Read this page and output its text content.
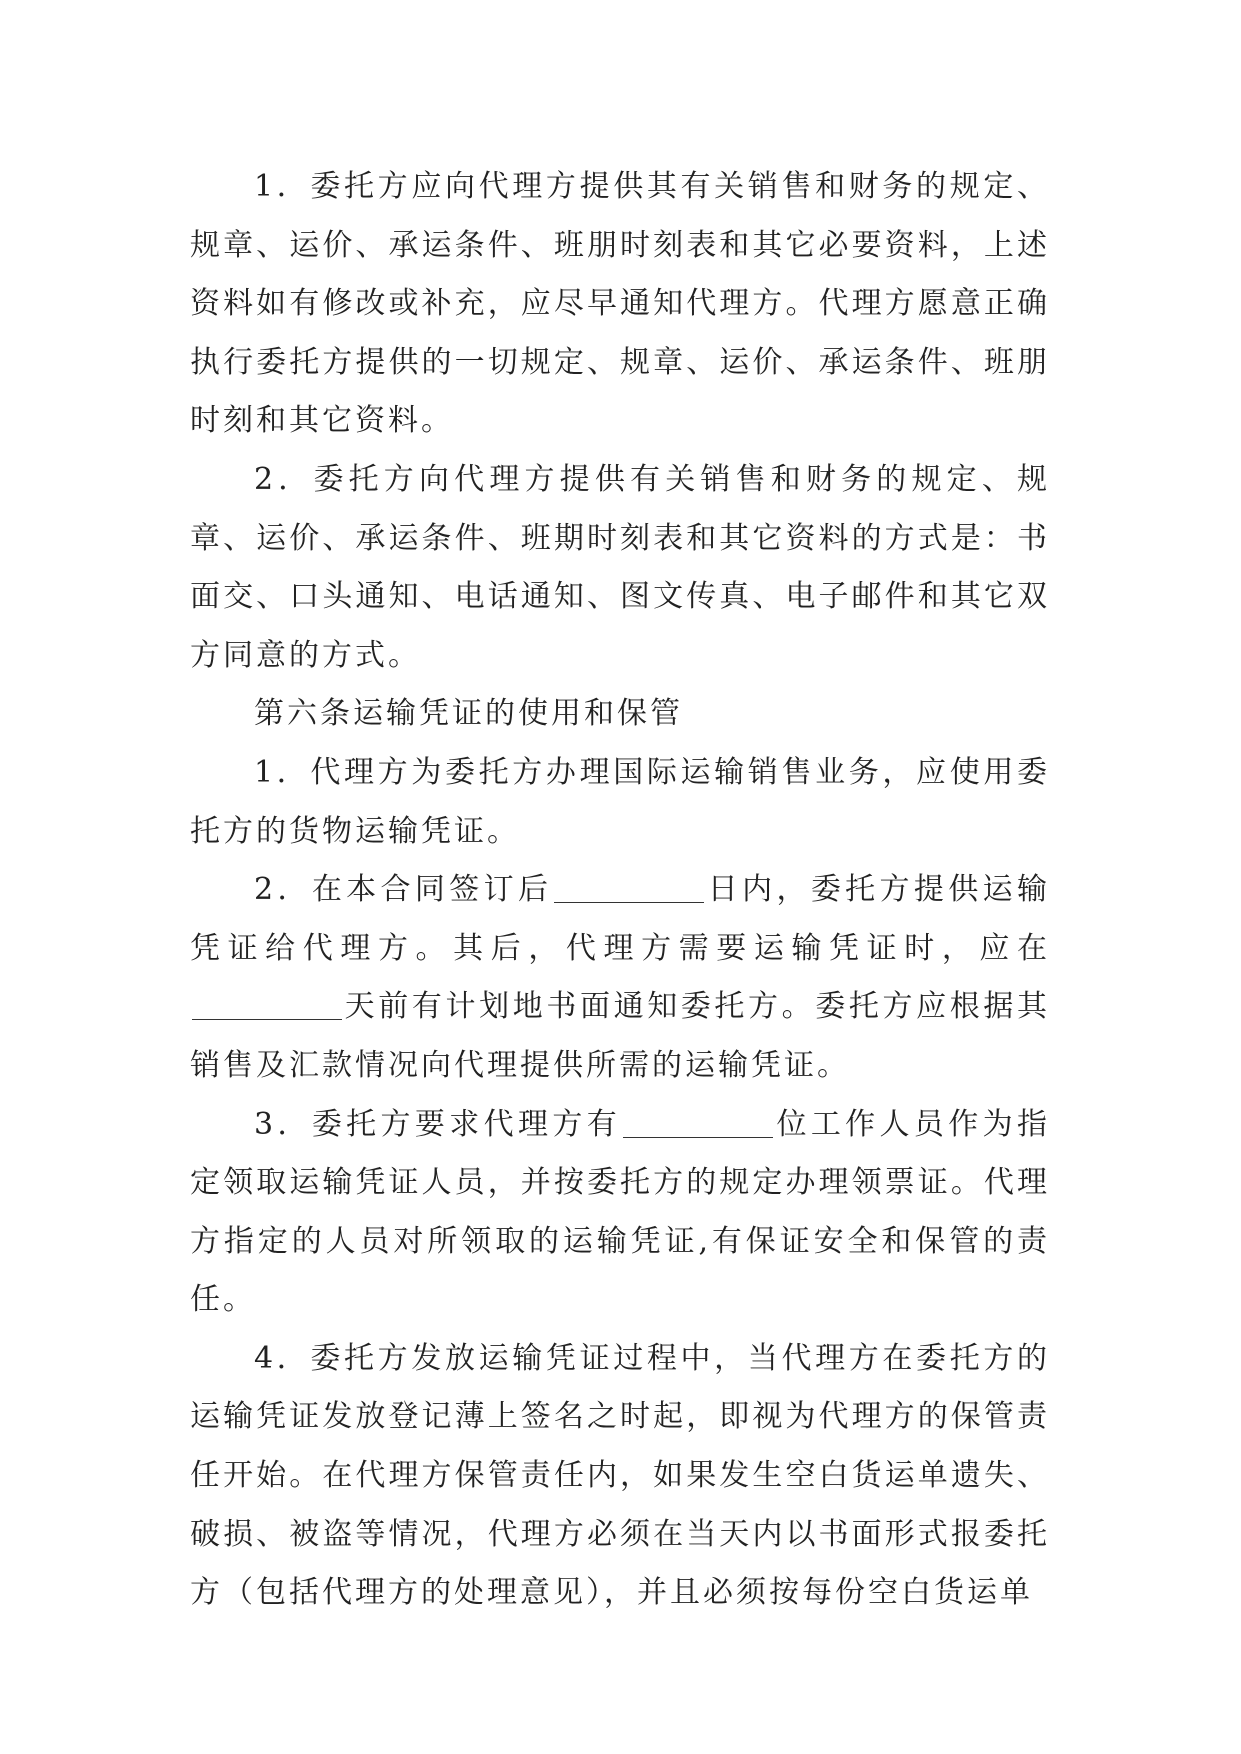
1．委托方应向代理方提供其有关销售和财务的规定、规章、运价、承运条件、班朋时刻表和其它必要资料，上述资料如有修改或补充，应尽早通知代理方。代理方愿意正确执行委托方提供的一切规定、规章、运价、承运条件、班朋时刻和其它资料。

2．委托方向代理方提供有关销售和财务的规定、规章、运价、承运条件、班期时刻表和其它资料的方式是：书面交、口头通知、电话通知、图文传真、电子邮件和其它双方同意的方式。

第六条运输凭证的使用和保管

1．代理方为委托方办理国际运输销售业务，应使用委托方的货物运输凭证。

2．在本合同签订后	日内，委托方提供运输凭证给代理方。其后，代理方需要运输凭证时，应在天前有计划地书面通知委托方。委托方应根据其销售及汇款情况向代理提供所需的运输凭证。

3．委托方要求代理方有	位工作人员作为指定领取运输凭证人员，并按委托方的规定办理领票证。代理方指定的人员对所领取的运输凭证,有保证安全和保管的责任。

4．委托方发放运输凭证过程中，当代理方在委托方的运输凭证发放登记薄上签名之时起，即视为代理方的保管责任开始。在代理方保管责任内，如果发生空白货运单遗失、破损、被盗等情况，代理方必须在当天内以书面形式报委托方（包括代理方的处理意见），并且必须按每份空白货运单
